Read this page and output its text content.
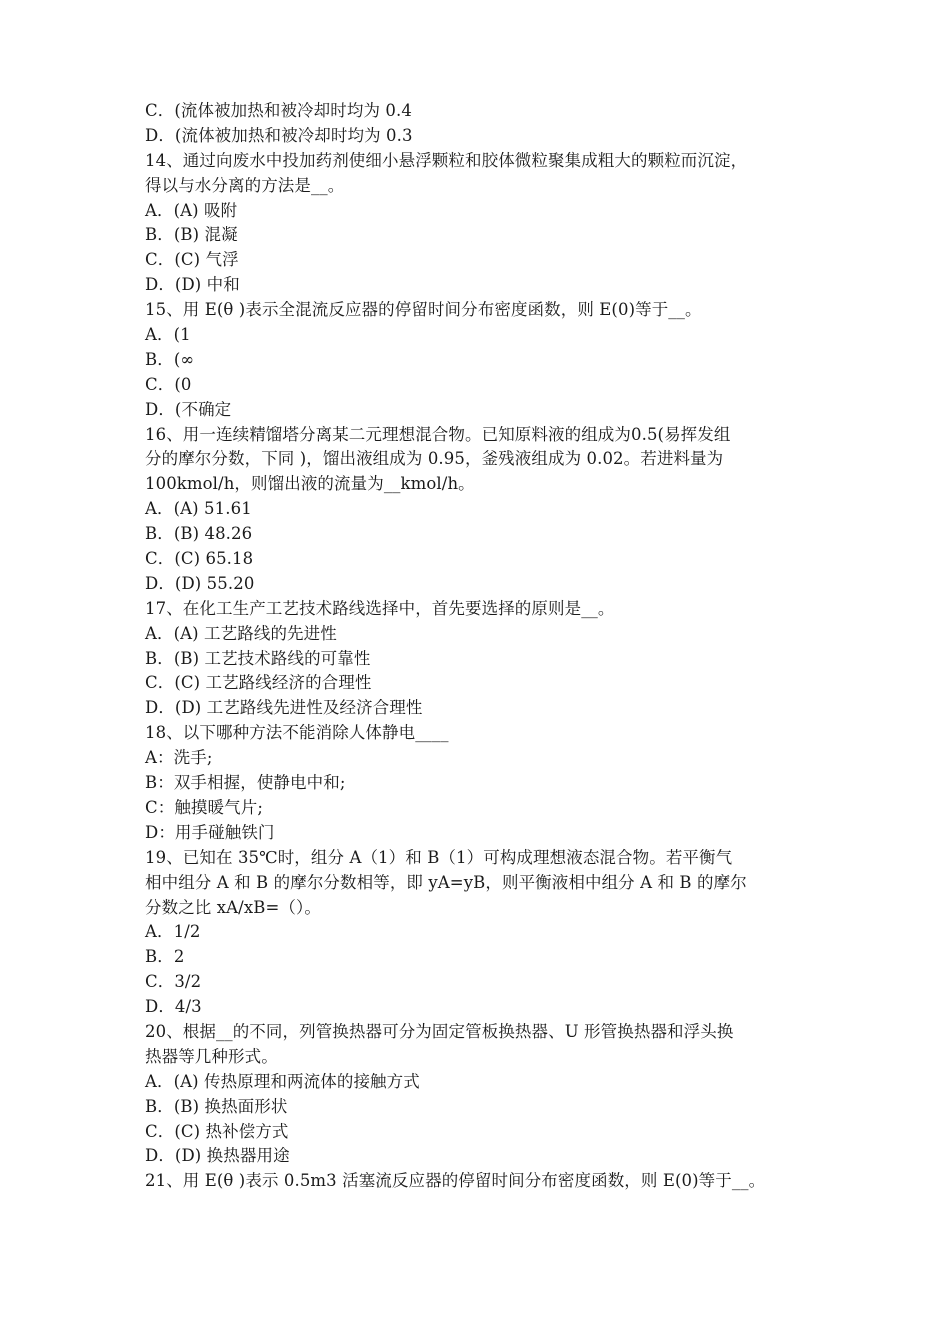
C．(流体被加热和被冷却时均为 0.4
D．(流体被加热和被冷却时均为 0.3
14、通过向废水中投加药剂使细小悬浮颗粒和胶体微粒聚集成粗大的颗粒而沉淀，
得以与水分离的方法是__。
A．(A) 吸附
B．(B) 混凝
C．(C) 气浮
D．(D) 中和
15、用 E(θ )表示全混流反应器的停留时间分布密度函数，则 E(0)等于__。
A．(1
B．(∞
C．(0
D．(不确定
16、用一连续精馏塔分离某二元理想混合物。已知原料液的组成为0.5(易挥发组
分的摩尔分数，下同 )，馏出液组成为 0.95，釜残液组成为 0.02。若进料量为
100kmol/h，则馏出液的流量为__kmol/h。
A．(A) 51.61
B．(B) 48.26
C．(C) 65.18
D．(D) 55.20
17、在化工生产工艺技术路线选择中，首先要选择的原则是__。
A．(A) 工艺路线的先进性
B．(B) 工艺技术路线的可靠性
C．(C) 工艺路线经济的合理性
D．(D) 工艺路线先进性及经济合理性
18、以下哪种方法不能消除人体静电____
A：洗手;
B：双手相握，使静电中和;
C：触摸暖气片;
D：用手碰触铁门
19、已知在 35℃时，组分 A（1）和 B（1）可构成理想液态混合物。若平衡气
相中组分 A 和 B 的摩尔分数相等，即 yA=yB，则平衡液相中组分 A 和 B 的摩尔
分数之比 xA/xB=（）。
A．1/2
B．2
C．3/2
D．4/3
20、根据__的不同，列管换热器可分为固定管板换热器、U 形管换热器和浮头换
热器等几种形式。
A．(A) 传热原理和两流体的接触方式
B．(B) 换热面形状
C．(C) 热补偿方式
D．(D) 换热器用途
21、用 E(θ )表示 0.5m3 活塞流反应器的停留时间分布密度函数，则 E(0)等于__。
